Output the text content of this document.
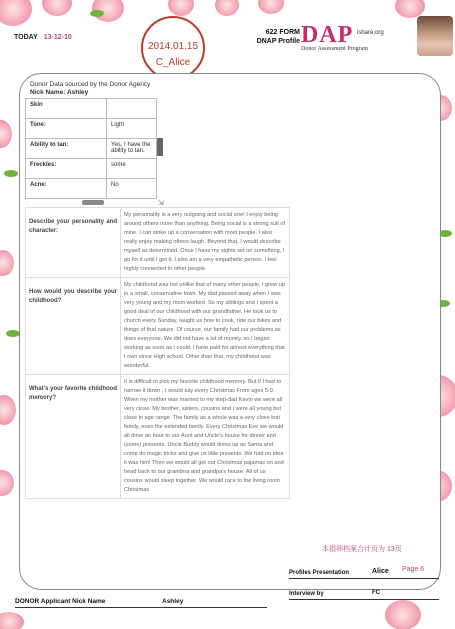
TODAY 13-12-10
2014.01.15
C_Alice
622 FORM
DNAP Profile DAP ishare.org
Donor Assessment Program
Donor Data sourced by the Donor Agency
Nick Name: Ashley
Skin	
Tone:	Light
Ability to tan:	Yes, I have the ability to tan.
Freckles:	some
Acne:	No
⇲
Describe your personality and character:	My personality is a very outgoing and social one! I enjoy being around others more than anything. Being social is a strong suit of mine. I can strike up a conversation with most people. I also really enjoy making others laugh. Beyond that, I would describe myself as determined. Once I have my sights set on something, I go for it until I get it. I also am a very empathetic person. I feel highly connected to other people.
How would you describe your childhood?	My childhood was not unlike that of many other people. I grew up in a small, conservative town. My dad passed away when I was very young and my mom worked. So my siblings and I spent a good deal of our childhood with our grandfather. He took us to church every Sunday, taught us how to cook, ride our bikes and things of that nature. Of course, our family had our problems as does everyone. We did not have a lot of money, so I began working as soon as I could. I have paid for almost everything that I own since High school. Other than that, my childhood was wonderful.
What's your favorite childhood memory?	It is difficult to pick my favorite childhood memory. But if I had to narrow it down , I would say every Christmas From ages 5-9. When my mother was married to my step-dad Kevin we were all very close. My brother, sisters, cousins and I were all young but close in age range. The family as a whole was a very close knit family, even the extended family. Every Christmas Eve we would all drive an hour to our Aunt and Uncle's house for dinner and (some) presents. Uncle Buddy would dress up as Santa and come do magic tricks and give us little presents. We had no idea it was him! Then we would all get our Christmas pajamas on and head back to our grandma and grandpa's house. All of us cousins would sleep together. We would race to the living room Christmas
本捐卵档案合计页为 13页
Profiles Presentation	Alice Page 6
Interview by	FC
DONOR Applicant Nick Name	Ashley
